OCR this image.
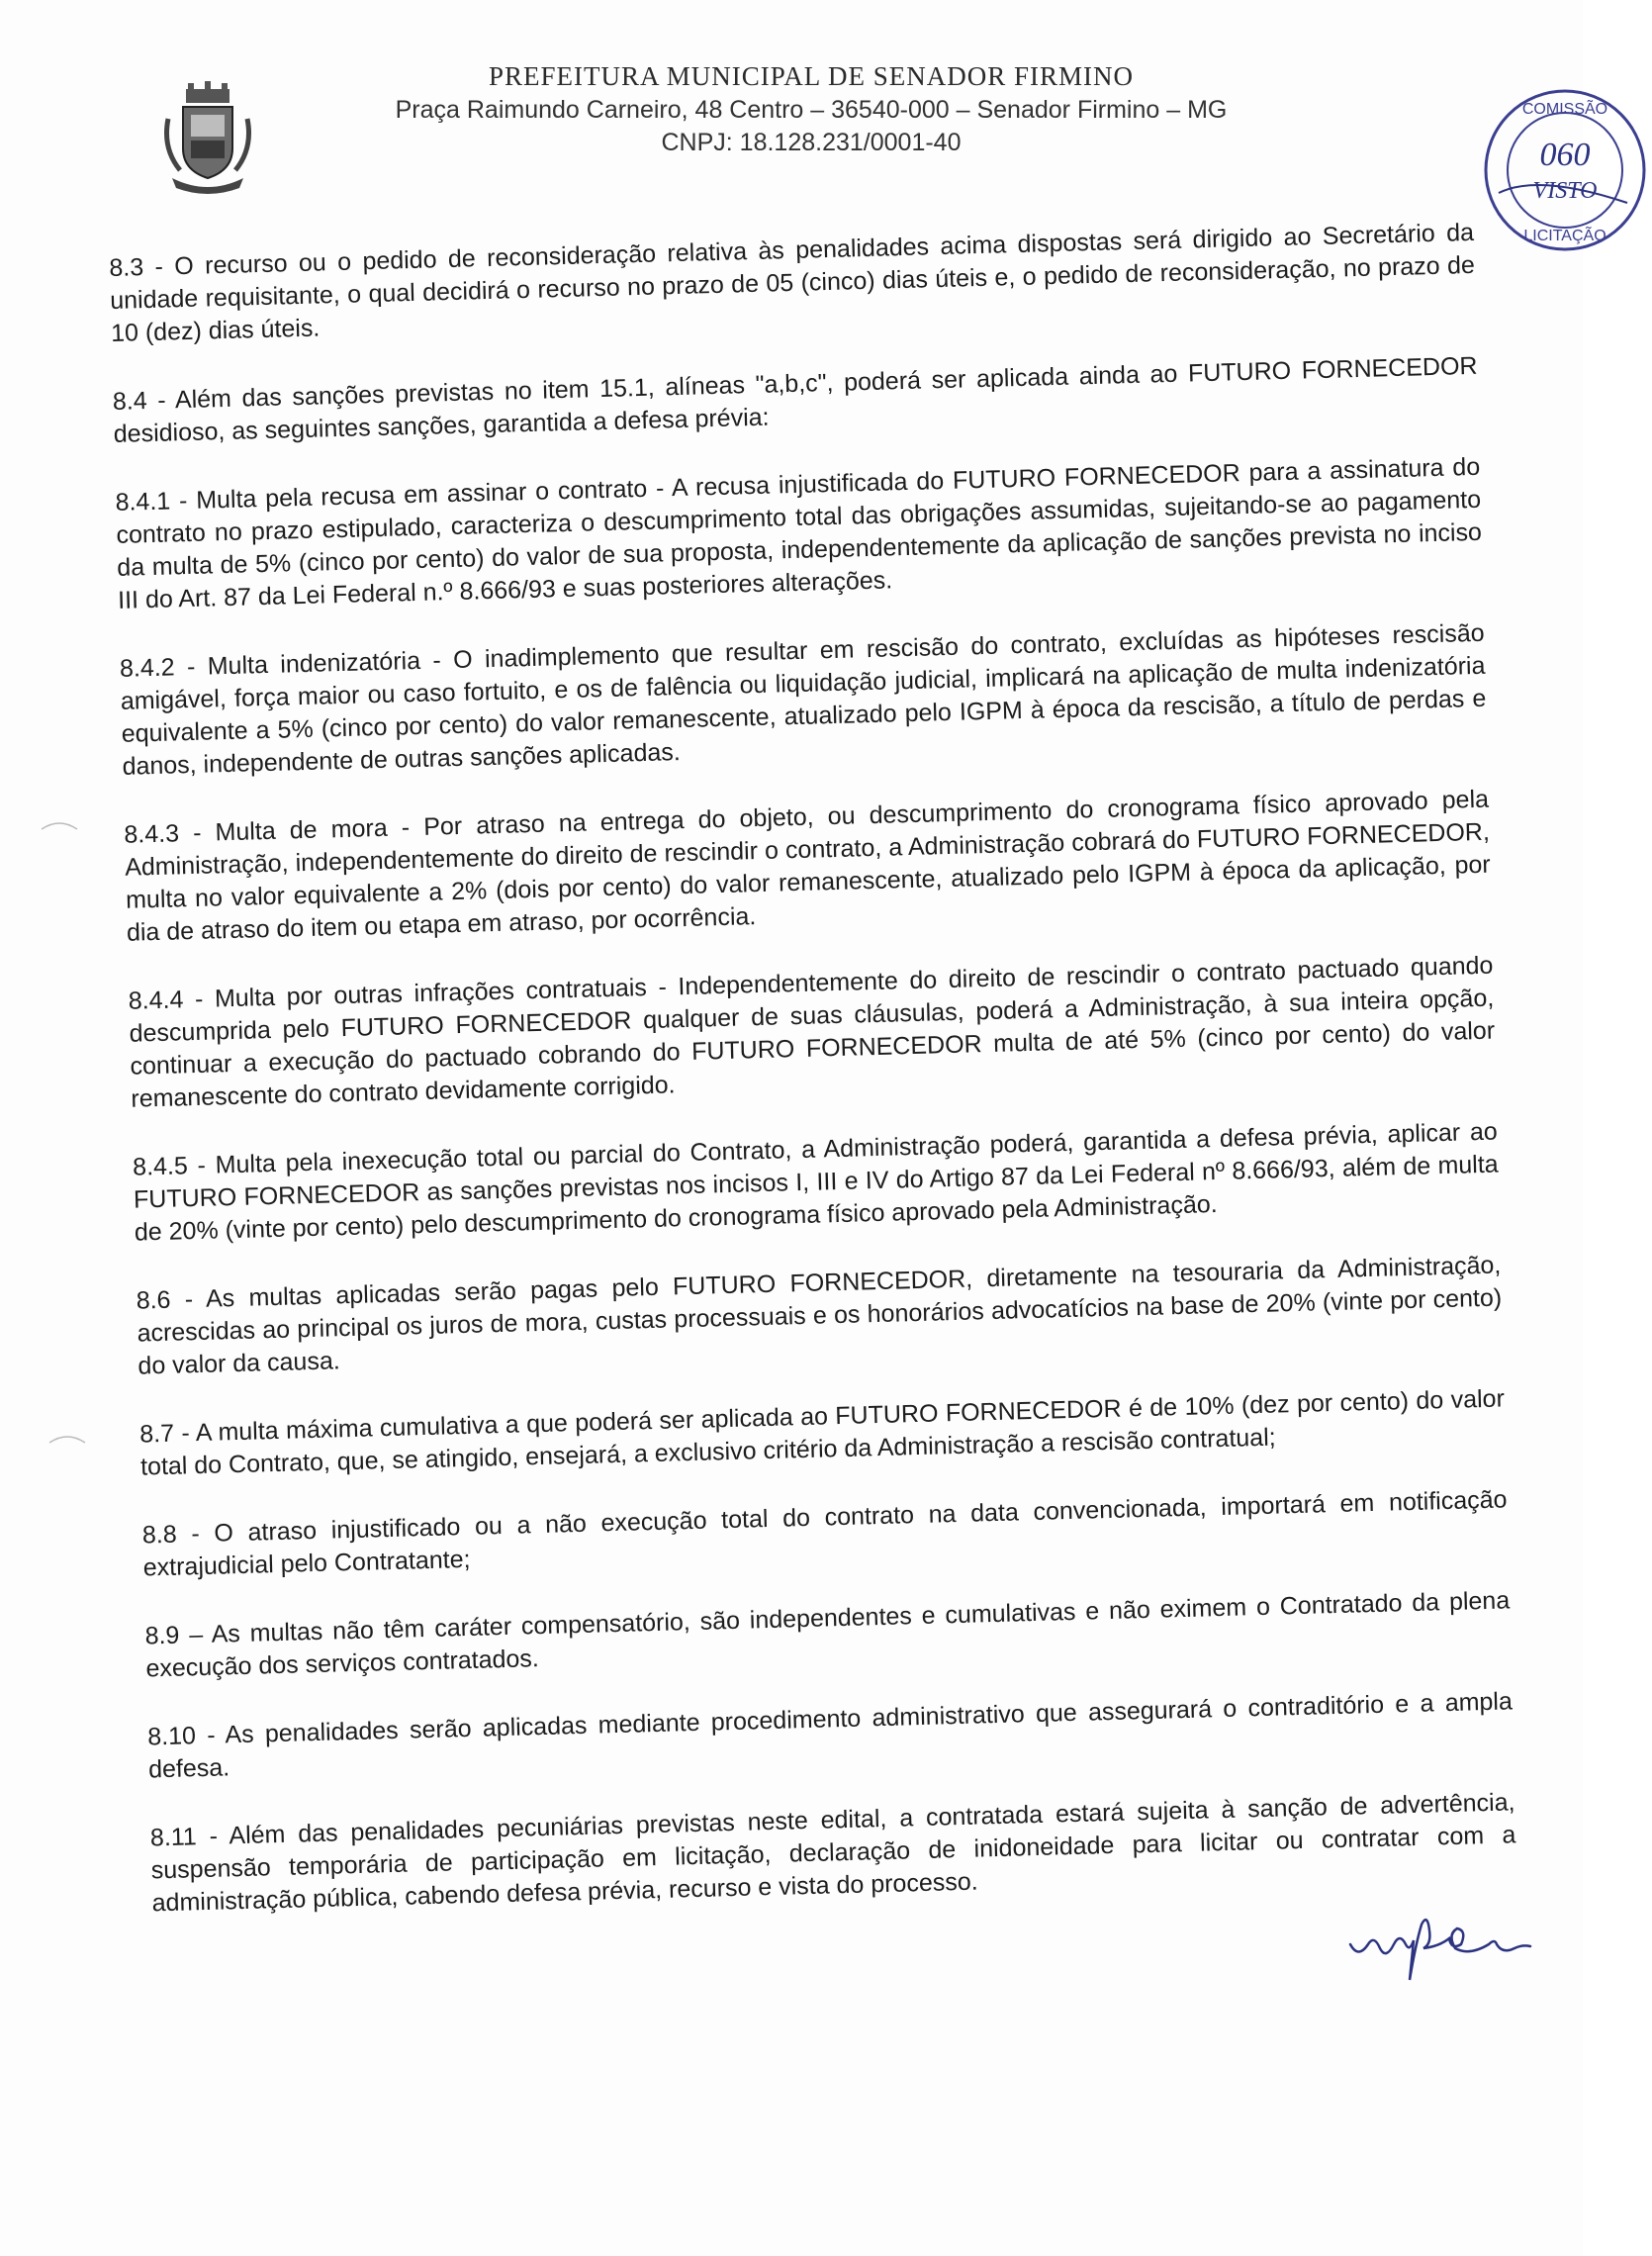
PREFEITURA MUNICIPAL DE SENADOR FIRMINO
Praça Raimundo Carneiro, 48 Centro – 36540-000 – Senador Firmino – MG
CNPJ: 18.128.231/0001-40
COMISSÃO
060
VISTO
LICITAÇÃO

8.3 - O recurso ou o pedido de reconsideração relativa às penalidades acima dispostas será dirigido ao Secretário da unidade requisitante, o qual decidirá o recurso no prazo de 05 (cinco) dias úteis e, o pedido de reconsideração, no prazo de 10 (dez) dias úteis.

8.4 - Além das sanções previstas no item 15.1, alíneas "a,b,c", poderá ser aplicada ainda ao FUTURO FORNECEDOR desidioso, as seguintes sanções, garantida a defesa prévia:

8.4.1 - Multa pela recusa em assinar o contrato - A recusa injustificada do FUTURO FORNECEDOR para a assinatura do contrato no prazo estipulado, caracteriza o descumprimento total das obrigações assumidas, sujeitando-se ao pagamento da multa de 5% (cinco por cento) do valor de sua proposta, independentemente da aplicação de sanções prevista no inciso III do Art. 87 da Lei Federal n.º 8.666/93 e suas posteriores alterações.

8.4.2 - Multa indenizatória - O inadimplemento que resultar em rescisão do contrato, excluídas as hipóteses rescisão amigável, força maior ou caso fortuito, e os de falência ou liquidação judicial, implicará na aplicação de multa indenizatória equivalente a 5% (cinco por cento) do valor remanescente, atualizado pelo IGPM à época da rescisão, a título de perdas e danos, independente de outras sanções aplicadas.

8.4.3 - Multa de mora - Por atraso na entrega do objeto, ou descumprimento do cronograma físico aprovado pela Administração, independentemente do direito de rescindir o contrato, a Administração cobrará do FUTURO FORNECEDOR, multa no valor equivalente a 2% (dois por cento) do valor remanescente, atualizado pelo IGPM à época da aplicação, por dia de atraso do item ou etapa em atraso, por ocorrência.

8.4.4 - Multa por outras infrações contratuais - Independentemente do direito de rescindir o contrato pactuado quando descumprida pelo FUTURO FORNECEDOR qualquer de suas cláusulas, poderá a Administração, à sua inteira opção, continuar a execução do pactuado cobrando do FUTURO FORNECEDOR multa de até 5% (cinco por cento) do valor remanescente do contrato devidamente corrigido.

8.4.5 - Multa pela inexecução total ou parcial do Contrato, a Administração poderá, garantida a defesa prévia, aplicar ao FUTURO FORNECEDOR as sanções previstas nos incisos I, III e IV do Artigo 87 da Lei Federal nº 8.666/93, além de multa de 20% (vinte por cento) pelo descumprimento do cronograma físico aprovado pela Administração.

8.6 - As multas aplicadas serão pagas pelo FUTURO FORNECEDOR, diretamente na tesouraria da Administração, acrescidas ao principal os juros de mora, custas processuais e os honorários advocatícios na base de 20% (vinte por cento) do valor da causa.

8.7 - A multa máxima cumulativa a que poderá ser aplicada ao FUTURO FORNECEDOR é de 10% (dez por cento) do valor total do Contrato, que, se atingido, ensejará, a exclusivo critério da Administração a rescisão contratual;

8.8 - O atraso injustificado ou a não execução total do contrato na data convencionada, importará em notificação extrajudicial pelo Contratante;

8.9 – As multas não têm caráter compensatório, são independentes e cumulativas e não eximem o Contratado da plena execução dos serviços contratados.

8.10 - As penalidades serão aplicadas mediante procedimento administrativo que assegurará o contraditório e a ampla defesa.

8.11 - Além das penalidades pecuniárias previstas neste edital, a contratada estará sujeita à sanção de advertência, suspensão temporária de participação em licitação, declaração de inidoneidade para licitar ou contratar com a administração pública, cabendo defesa prévia, recurso e vista do processo.
